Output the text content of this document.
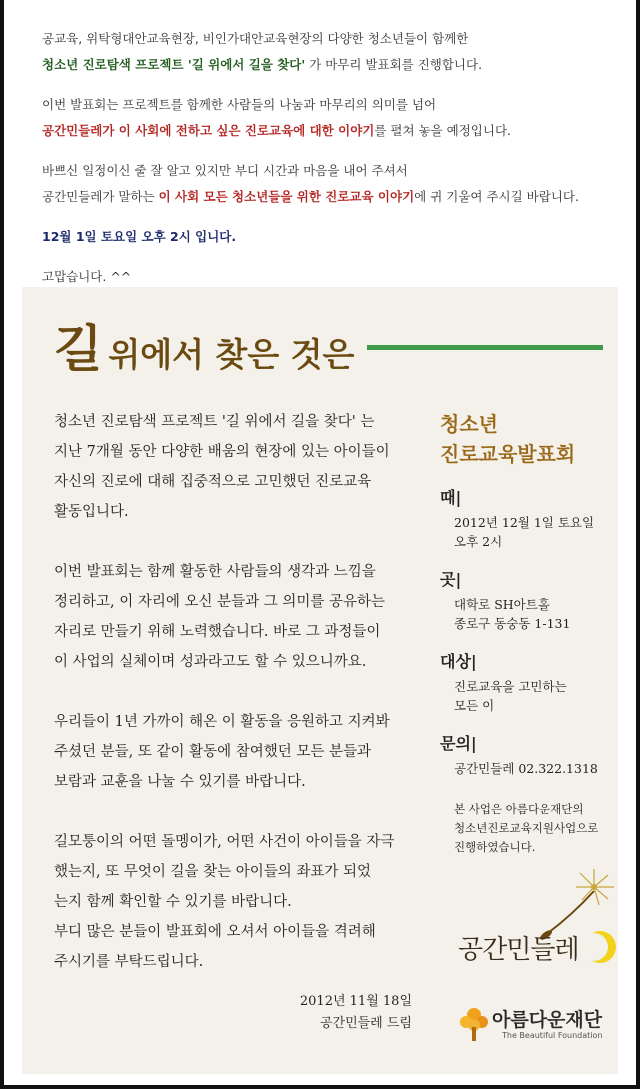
공교육, 위탁형대안교육현장, 비인가대안교육현장의 다양한 청소년들이 함께한

청소년 진로탐색 프로젝트 '길 위에서 길을 찾다' 가 마무리 발표회를 진행합니다.

이번 발표회는 프로젝트를 함께한 사람들의 나눔과 마무리의 의미를 넘어

공간민들레가 이 사회에 전하고 싶은 진로교육에 대한 이야기를 펼쳐 놓을 예정입니다.

바쁘신 일정이신 줄 잘 알고 있지만 부디 시간과 마음을 내어 주셔서

공간민들레가 말하는 이 사회 모든 청소년들을 위한 진로교육 이야기에 귀 기울여 주시길 바랍니다.

12월 1일 토요일 오후 2시 입니다.

고맙습니다. ^^

길위에서 찾은 것은

청소년 진로탐색 프로젝트 '길 위에서 길을 찾다' 는

지난 7개월 동안 다양한 배움의 현장에 있는 아이들이

자신의 진로에 대해 집중적으로 고민했던 진로교육

활동입니다.

이번 발표회는 함께 활동한 사람들의 생각과 느낌을

정리하고, 이 자리에 오신 분들과 그 의미를 공유하는

자리로 만들기 위해 노력했습니다. 바로 그 과정들이

이 사업의 실체이며 성과라고도 할 수 있으니까요.

우리들이 1년 가까이 해온 이 활동을 응원하고 지켜봐

주셨던 분들, 또 같이 활동에 참여했던 모든 분들과

보람과 교훈을 나눌 수 있기를 바랍니다.

길모퉁이의 어떤 돌멩이가, 어떤 사건이 아이들을 자극

했는지, 또 무엇이 길을 찾는 아이들의 좌표가 되었

는지 함께 확인할 수 있기를 바랍니다.

부디 많은 분들이 발표회에 오셔서 아이들을 격려해

주시기를 부탁드립니다.

2012년 11월 18일
공간민들레 드림
청소년
진로교육발표회
때|
2012년 12월 1일 토요일
오후 2시
곳|
대학로 SH아트홀
종로구 동숭동 1-131
대상|
진로교육을 고민하는
모든 이
문의|
공간민들레 02.322.1318
본 사업은 아름다운재단의
청소년진로교육지원사업으로
진행하였습니다.
공간민들레
아름다운재단
The Beautiful Foundation
